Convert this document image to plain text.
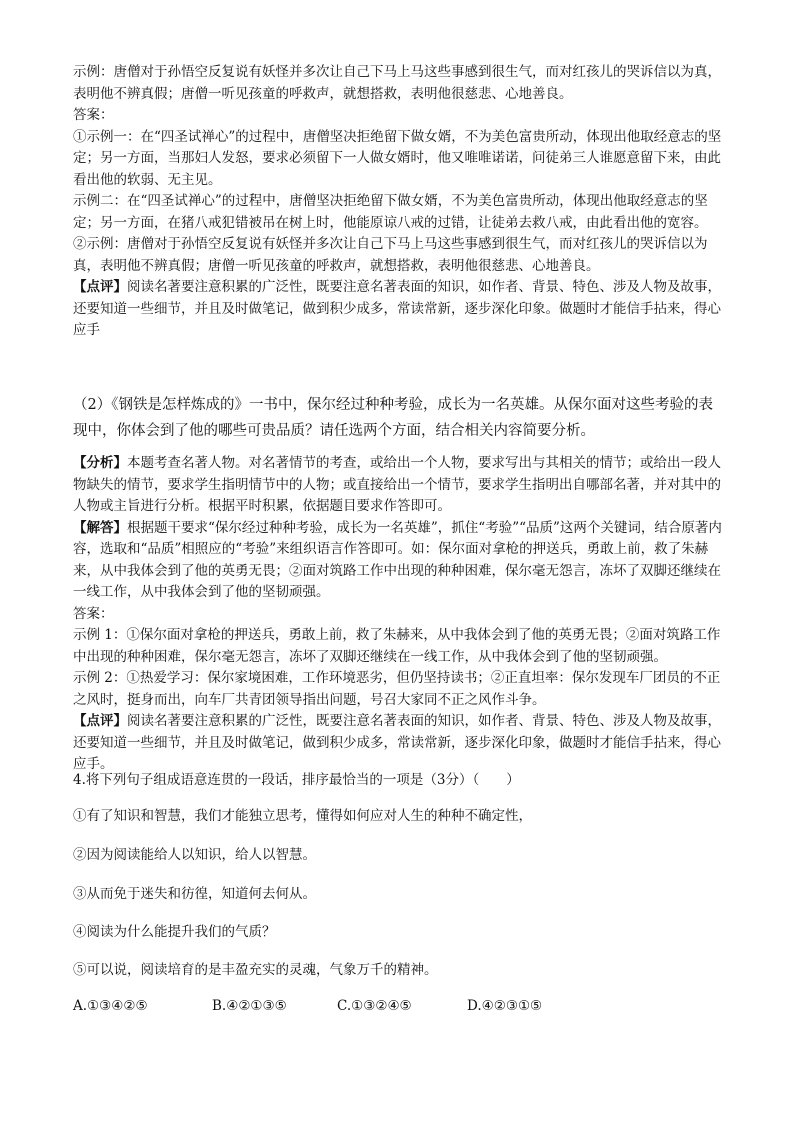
示例：唐僧对于孙悟空反复说有妖怪并多次让自己下马上马这些事感到很生气，而对红孩儿的哭诉信以为真，表明他不辨真假；唐僧一听见孩童的呼救声，就想搭救，表明他很慈悲、心地善良。

答案：

①示例一：在“四圣试禅心”的过程中，唐僧坚决拒绝留下做女婿，不为美色富贵所动，体现出他取经意志的坚定；另一方面，当那妇人发怒，要求必须留下一人做女婿时，他又唯唯诺诺，问徒弟三人谁愿意留下来，由此看出他的软弱、无主见。

示例二：在“四圣试禅心”的过程中，唐僧坚决拒绝留下做女婿，不为美色富贵所动，体现出他取经意志的坚定；另一方面，在猪八戒犯错被吊在树上时，他能原谅八戒的过错，让徒弟去救八戒，由此看出他的宽容。

②示例：唐僧对于孙悟空反复说有妖怪并多次让自己下马上马这些事感到很生气，而对红孩儿的哭诉信以为真，表明他不辨真假；唐僧一听见孩童的呼救声，就想搭救，表明他很慈悲、心地善良。

【点评】阅读名著要注意积累的广泛性，既要注意名著表面的知识，如作者、背景、特色、涉及人物及故事，还要知道一些细节，并且及时做笔记，做到积少成多，常读常新，逐步深化印象。做题时才能信手拈来，得心应手

（2）《钢铁是怎样炼成的》一书中，保尔经过种种考验，成长为一名英雄。从保尔面对这些考验的表现中，你体会到了他的哪些可贵品质？请任选两个方面，结合相关内容简要分析。

【分析】本题考查名著人物。对名著情节的考查，或给出一个人物，要求写出与其相关的情节；或给出一段人物缺失的情节，要求学生指明情节中的人物；或直接给出一个情节，要求学生指明出自哪部名著，并对其中的人物或主旨进行分析。根据平时积累，依据题目要求作答即可。

【解答】根据题干要求“保尔经过种种考验，成长为一名英雄”，抓住“考验”“品质”这两个关键词，结合原著内容，选取和“品质”相照应的“考验”来组织语言作答即可。如：保尔面对拿枪的押送兵，勇敢上前，救了朱赫来，从中我体会到了他的英勇无畏；②面对筑路工作中出现的种种困难，保尔毫无怨言，冻坏了双脚还继续在一线工作，从中我体会到了他的坚韧顽强。

答案：

示例 1：①保尔面对拿枪的押送兵，勇敢上前，救了朱赫来，从中我体会到了他的英勇无畏；②面对筑路工作中出现的种种困难，保尔毫无怨言，冻坏了双脚还继续在一线工作，从中我体会到了他的坚韧顽强。

示例 2：①热爱学习：保尔家境困难，工作环境恶劣，但仍坚持读书；②正直坦率：保尔发现车厂团员的不正之风时，挺身而出，向车厂共青团领导指出问题，号召大家同不正之风作斗争。

【点评】阅读名著要注意积累的广泛性，既要注意名著表面的知识，如作者、背景、特色、涉及人物及故事，还要知道一些细节，并且及时做笔记，做到积少成多，常读常新，逐步深化印象，做题时才能信手拈来，得心应手。

4.将下列句子组成语意连贯的一段话，排序最恰当的一项是（3分）（　　）

①有了知识和智慧，我们才能独立思考，懂得如何应对人生的种种不确定性，

②因为阅读能给人以知识，给人以智慧。

③从而免于迷失和彷徨，知道何去何从。

④阅读为什么能提升我们的气质？

⑤可以说，阅读培育的是丰盈充实的灵魂，气象万千的精神。

A.①③④②⑤	B.④②①③⑤	C.①③②④⑤	D.④②③①⑤
